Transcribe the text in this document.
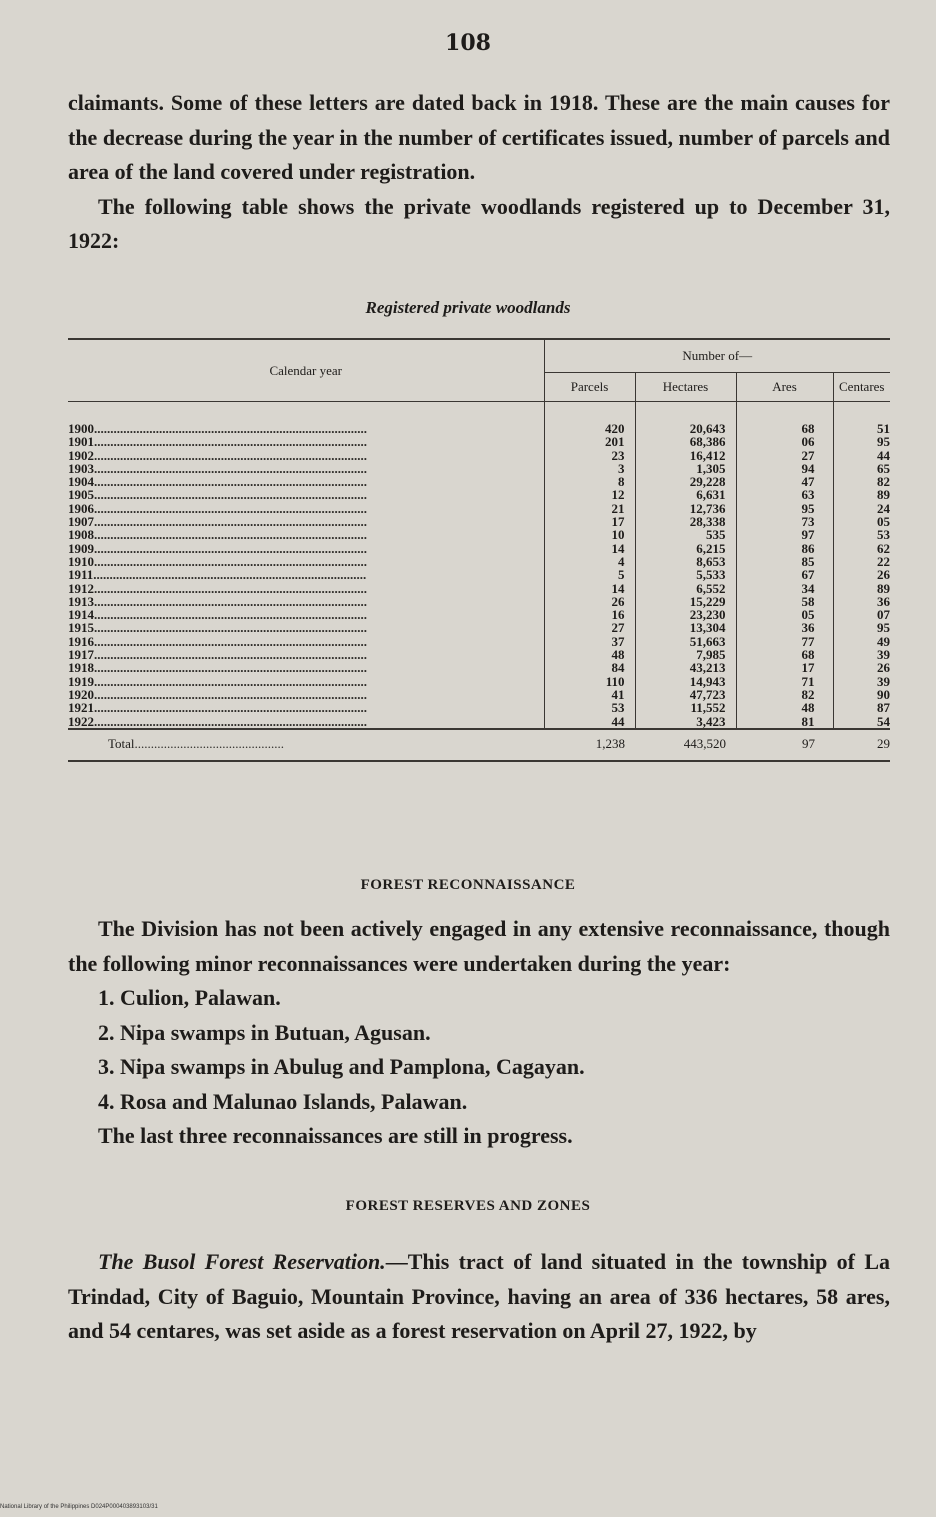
108

claimants. Some of these letters are dated back in 1918. These are the main causes for the decrease during the year in the number of certificates issued, number of parcels and area of the land covered under registration.

The following table shows the private woodlands registered up to December 31, 1922:

Registered private woodlands
Calendar year	Number of—			
	Parcels	Hectares	Ares	Centares
1900....................................................................................	420	20,643	68	51
1901....................................................................................	201	68,386	06	95
1902....................................................................................	23	16,412	27	44
1903....................................................................................	3	1,305	94	65
1904....................................................................................	8	29,228	47	82
1905....................................................................................	12	6,631	63	89
1906....................................................................................	21	12,736	95	24
1907....................................................................................	17	28,338	73	05
1908....................................................................................	10	535	97	53
1909....................................................................................	14	6,215	86	62
1910....................................................................................	4	8,653	85	22
1911....................................................................................	5	5,533	67	26
1912....................................................................................	14	6,552	34	89
1913....................................................................................	26	15,229	58	36
1914....................................................................................	16	23,230	05	07
1915....................................................................................	27	13,304	36	95
1916....................................................................................	37	51,663	77	49
1917....................................................................................	48	7,985	68	39
1918....................................................................................	84	43,213	17	26
1919....................................................................................	110	14,943	71	39
1920....................................................................................	41	47,723	82	90
1921....................................................................................	53	11,552	48	87
1922....................................................................................	44	3,423	81	54
Total..............................................	1,238	443,520	97	29
FOREST RECONNAISSANCE

The Division has not been actively engaged in any extensive reconnaissance, though the following minor reconnaissances were undertaken during the year:

1. Culion, Palawan.

2. Nipa swamps in Butuan, Agusan.

3. Nipa swamps in Abulug and Pamplona, Cagayan.

4. Rosa and Malunao Islands, Palawan.

The last three reconnaissances are still in progress.

FOREST RESERVES AND ZONES

The Busol Forest Reservation.—This tract of land situated in the township of La Trindad, City of Baguio, Mountain Province, having an area of 336 hectares, 58 ares, and 54 centares, was set aside as a forest reservation on April 27, 1922, by

National Library of the Philippines D024P000403893103/31
